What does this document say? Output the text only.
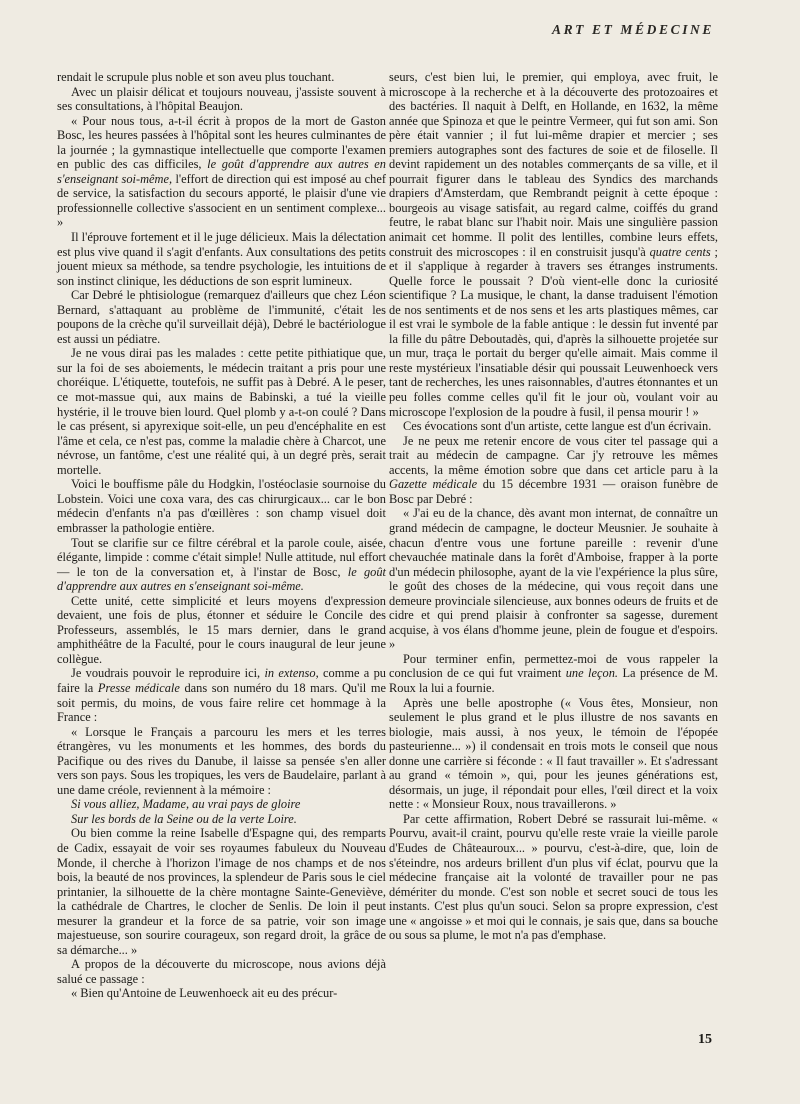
ART ET MÉDECINE

rendait le scrupule plus noble et son aveu plus touchant.

Avec un plaisir délicat et toujours nouveau, j'assiste souvent à ses consultations, à l'hôpital Beaujon.

« Pour nous tous, a-t-il écrit à propos de la mort de Gaston Bosc, les heures passées à l'hôpital sont les heures culminantes de la journée ; la gymnastique intellectuelle que comporte l'examen en public des cas difficiles, le goût d'apprendre aux autres en s'enseignant soi-même, l'effort de direction qui est imposé au chef de service, la satisfaction du secours apporté, le plaisir d'une vie professionnelle collective s'associent en un sentiment complexe... »

Il l'éprouve fortement et il le juge délicieux. Mais la délectation est plus vive quand il s'agit d'enfants. Aux consultations des petits jouent mieux sa méthode, sa tendre psychologie, les intuitions de son instinct clinique, les déductions de son esprit lumineux.

Car Debré le phtisiologue (remarquez d'ailleurs que chez Léon Bernard, s'attaquant au problème de l'immunité, c'était les poupons de la crèche qu'il surveillait déjà), Debré le bactériologue est aussi un pédiatre.

Je ne vous dirai pas les malades : cette petite pithiatique que, sur la foi de ses aboiements, le médecin traitant a pris pour une choréique. L'étiquette, toutefois, ne suffit pas à Debré. A le peser, ce mot-massue qui, aux mains de Babinski, a tué la vieille hystérie, il le trouve bien lourd. Quel plomb y a-t-on coulé ? Dans le cas présent, si apyrexique soit-elle, un peu d'encéphalite en est l'âme et cela, ce n'est pas, comme la maladie chère à Charcot, une névrose, un fantôme, c'est une réalité qui, à un degré près, serait mortelle.

Voici le bouffisme pâle du Hodgkin, l'ostéoclasie sournoise du Lobstein. Voici une coxa vara, des cas chirurgicaux... car le bon médecin d'enfants n'a pas d'œillères : son champ visuel doit embrasser la pathologie entière.

Tout se clarifie sur ce filtre cérébral et la parole coule, aisée, élégante, limpide : comme c'était simple! Nulle attitude, nul effort — le ton de la conversation et, à l'instar de Bosc, le goût d'apprendre aux autres en s'enseignant soi-même.

Cette unité, cette simplicité et leurs moyens d'expression devaient, une fois de plus, étonner et séduire le Concile des Professeurs, assemblés, le 15 mars dernier, dans le grand amphithéâtre de la Faculté, pour le cours inaugural de leur jeune collègue.

Je voudrais pouvoir le reproduire ici, in extenso, comme a pu faire la Presse médicale dans son numéro du 18 mars. Qu'il me soit permis, du moins, de vous faire relire cet hommage à la France :

« Lorsque le Français a parcouru les mers et les terres étrangères, vu les monuments et les hommes, des bords du Pacifique ou des rives du Danube, il laisse sa pensée s'en aller vers son pays. Sous les tropiques, les vers de Baudelaire, parlant à une dame créole, reviennent à la mémoire :

Si vous alliez, Madame, au vrai pays de gloire

Sur les bords de la Seine ou de la verte Loire.

Ou bien comme la reine Isabelle d'Espagne qui, des remparts de Cadix, essayait de voir ses royaumes fabuleux du Nouveau Monde, il cherche à l'horizon l'image de nos champs et de nos bois, la beauté de nos provinces, la splendeur de Paris sous le ciel printanier, la silhouette de la chère montagne Sainte-Geneviève, la cathédrale de Chartres, le clocher de Senlis. De loin il peut mesurer la grandeur et la force de sa patrie, voir son image majestueuse, son sourire courageux, son regard droit, la grâce de sa démarche... »

A propos de la découverte du microscope, nous avions déjà salué ce passage :

« Bien qu'Antoine de Leuwenhoeck ait eu des précur-

seurs, c'est bien lui, le premier, qui employa, avec fruit, le microscope à la recherche et à la découverte des protozoaires et des bactéries. Il naquit à Delft, en Hollande, en 1632, la même année que Spinoza et que le peintre Vermeer, qui fut son ami. Son père était vannier ; il fut lui-même drapier et mercier ; ses premiers autographes sont des factures de soie et de filoselle. Il devint rapidement un des notables commerçants de sa ville, et il pourrait figurer dans le tableau des Syndics des marchands drapiers d'Amsterdam, que Rembrandt peignit à cette époque : bourgeois au visage satisfait, au regard calme, coiffés du grand feutre, le rabat blanc sur l'habit noir. Mais une singulière passion animait cet homme. Il polit des lentilles, combine leurs effets, construit des microscopes : il en construisit jusqu'à quatre cents ; et il s'applique à regarder à travers ses étranges instruments. Quelle force le poussait ? D'où vient-elle donc la curiosité scientifique ? La musique, le chant, la danse traduisent l'émotion de nos sentiments et de nos sens et les arts plastiques mêmes, car il est vrai le symbole de la fable antique : le dessin fut inventé par la fille du pâtre Deboutadès, qui, d'après la silhouette projetée sur un mur, traça le portait du berger qu'elle aimait. Mais comme il reste mystérieux l'insatiable désir qui poussait Leuwenhoeck vers tant de recherches, les unes raisonnables, d'autres étonnantes et un peu folles comme celles qu'il fit le jour où, voulant voir au microscope l'explosion de la poudre à fusil, il pensa mourir ! »

Ces évocations sont d'un artiste, cette langue est d'un écrivain.

Je ne peux me retenir encore de vous citer tel passage qui a trait au médecin de campagne. Car j'y retrouve les mêmes accents, la même émotion sobre que dans cet article paru à la Gazette médicale du 15 décembre 1931 — oraison funèbre de Bosc par Debré :

« J'ai eu de la chance, dès avant mon internat, de connaître un grand médecin de campagne, le docteur Meusnier. Je souhaite à chacun d'entre vous une fortune pareille : revenir d'une chevauchée matinale dans la forêt d'Amboise, frapper à la porte d'un médecin philosophe, ayant de la vie l'expérience la plus sûre, le goût des choses de la médecine, qui vous reçoit dans une demeure provinciale silencieuse, aux bonnes odeurs de fruits et de cidre et qui prend plaisir à confronter sa sagesse, durement acquise, à vos élans d'homme jeune, plein de fougue et d'espoirs. »

Pour terminer enfin, permettez-moi de vous rappeler la conclusion de ce qui fut vraiment une leçon. La présence de M. Roux la lui a fournie.

Après une belle apostrophe (« Vous êtes, Monsieur, non seulement le plus grand et le plus illustre de nos savants en biologie, mais aussi, à nos yeux, le témoin de l'épopée pasteurienne... ») il condensait en trois mots le conseil que nous donne une carrière si féconde : « Il faut travailler ». Et s'adressant au grand « témoin », qui, pour les jeunes générations est, désormais, un juge, il répondait pour elles, l'œil direct et la voix nette : « Monsieur Roux, nous travaillerons. »

Par cette affirmation, Robert Debré se rassurait lui-même. « Pourvu, avait-il craint, pourvu qu'elle reste vraie la vieille parole d'Eudes de Châteauroux... » pourvu, c'est-à-dire, que, loin de s'éteindre, nos ardeurs brillent d'un plus vif éclat, pourvu que la médecine française ait la volonté de travailler pour ne pas démériter du monde. C'est son noble et secret souci de tous les instants. C'est plus qu'un souci. Selon sa propre expression, c'est une « angoisse » et moi qui le connais, je sais que, dans sa bouche ou sous sa plume, le mot n'a pas d'emphase.

15
